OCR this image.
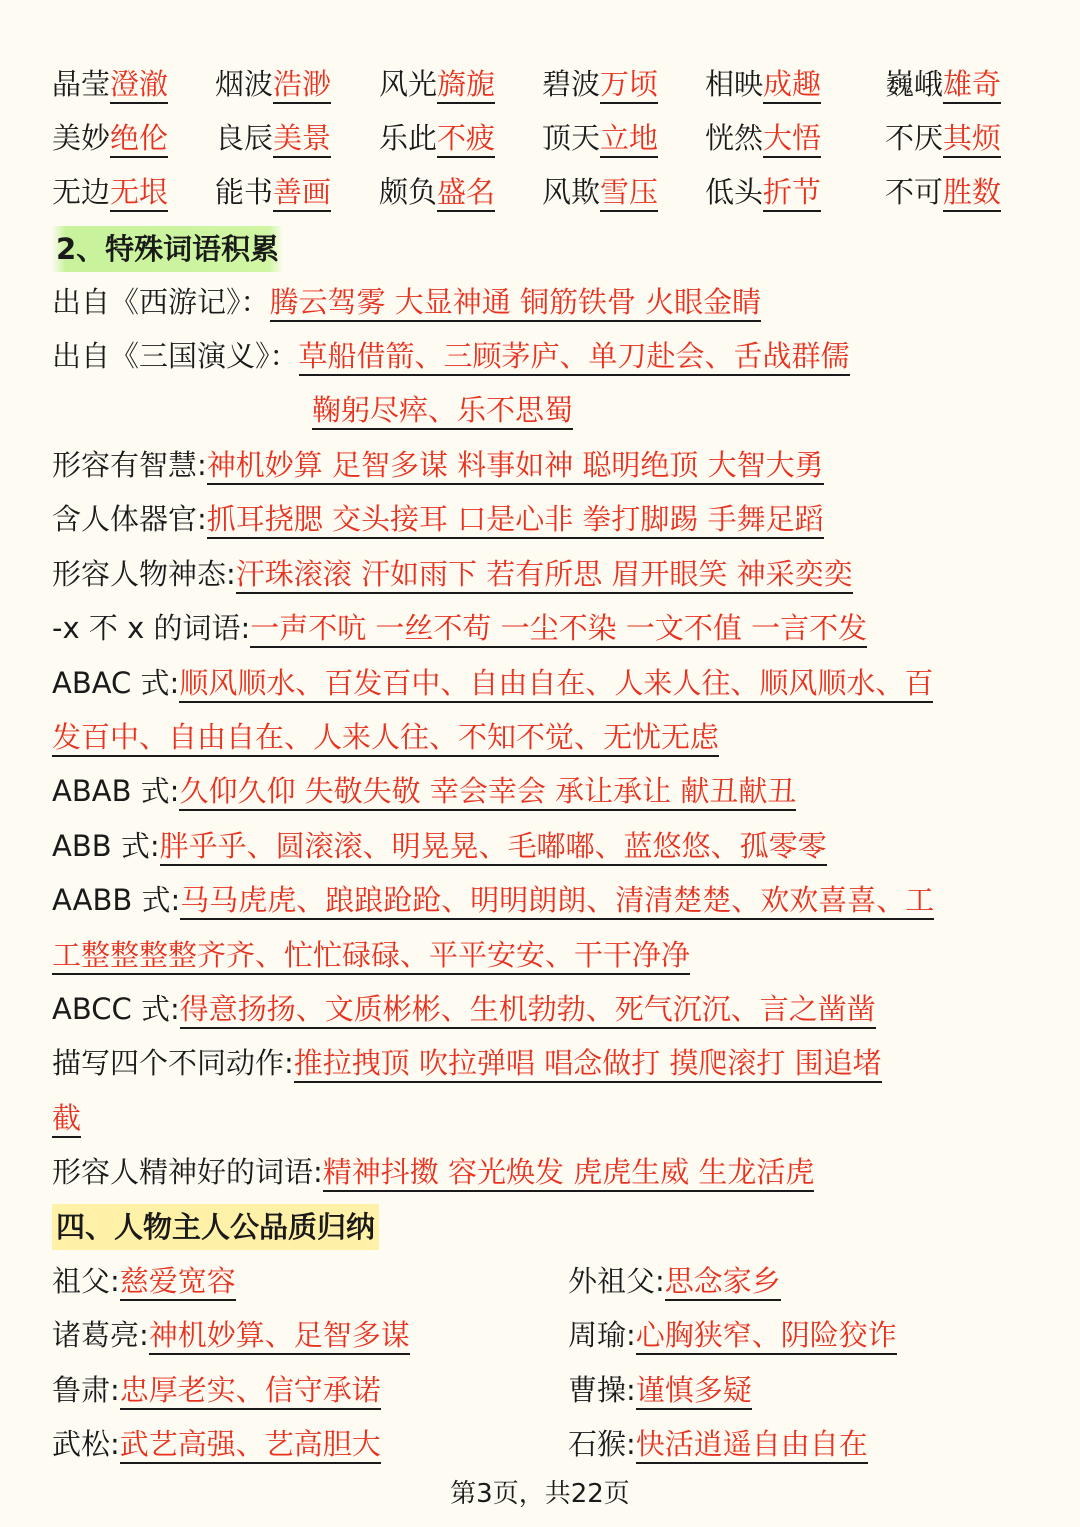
晶莹澄澈 烟波浩渺 风光旖旎 碧波万顷 相映成趣 巍峨雄奇
美妙绝伦 良辰美景 乐此不疲 顶天立地 恍然大悟 不厌其烦
无边无垠 能书善画 颇负盛名 风欺雪压 低头折节 不可胜数
2、特殊词语积累
出自《西游记》：腾云驾雾 大显神通 铜筋铁骨 火眼金睛
出自《三国演义》：草船借箭、三顾茅庐、单刀赴会、舌战群儒
鞠躬尽瘁、乐不思蜀
形容有智慧:神机妙算 足智多谋 料事如神 聪明绝顶 大智大勇
含人体器官:抓耳挠腮 交头接耳 口是心非 拳打脚踢 手舞足蹈
形容人物神态:汗珠滚滚 汗如雨下 若有所思 眉开眼笑 神采奕奕
-x 不 x 的词语:一声不吭 一丝不苟 一尘不染 一文不值 一言不发
ABAC 式:顺风顺水、百发百中、自由自在、人来人往、顺风顺水、百
发百中、自由自在、人来人往、不知不觉、无忧无虑
ABAB 式:久仰久仰 失敬失敬 幸会幸会 承让承让 献丑献丑
ABB 式:胖乎乎、圆滚滚、明晃晃、毛嘟嘟、蓝悠悠、孤零零
AABB 式:马马虎虎、踉踉跄跄、明明朗朗、清清楚楚、欢欢喜喜、工
工整整整整齐齐、忙忙碌碌、平平安安、干干净净
ABCC 式:得意扬扬、文质彬彬、生机勃勃、死气沉沉、言之凿凿
描写四个不同动作:推拉拽顶 吹拉弹唱 唱念做打 摸爬滚打 围追堵
截
形容人精神好的词语:精神抖擞 容光焕发 虎虎生威 生龙活虎
四、人物主人公品质归纳
祖父:慈爱宽容	外祖父:思念家乡
诸葛亮:神机妙算、足智多谋	周瑜:心胸狭窄、阴险狡诈
鲁肃:忠厚老实、信守承诺	曹操:谨慎多疑
武松:武艺高强、艺高胆大	石猴:快活逍遥自由自在
第3页，共22页
